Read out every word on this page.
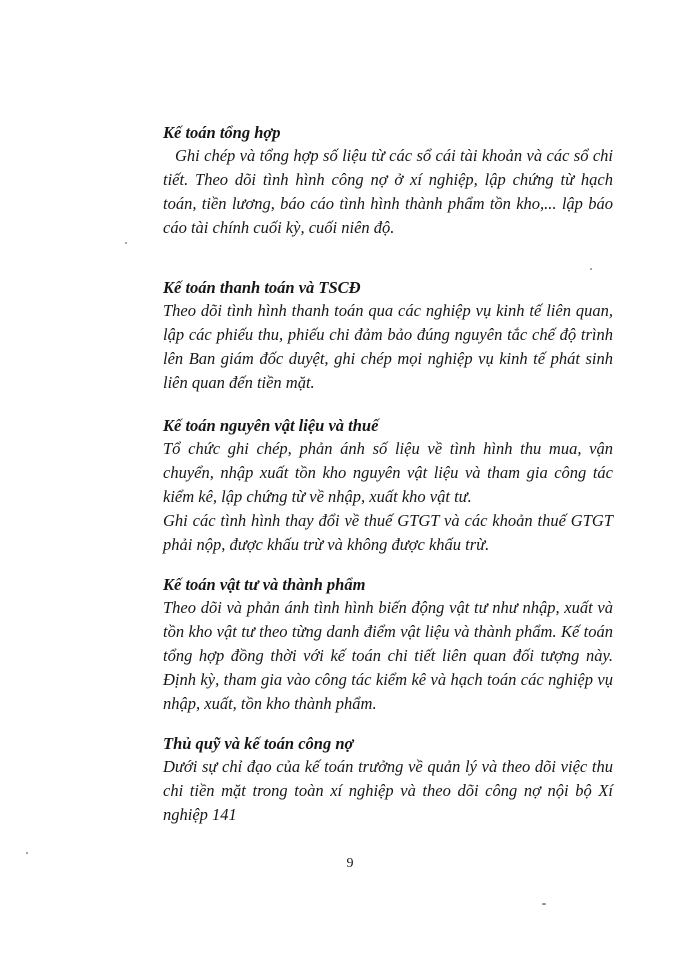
Kế toán tổng hợp

Ghi chép và tổng hợp số liệu từ các sổ cái tài khoản và các sổ chi tiết. Theo dõi tình hình công nợ ở xí nghiệp, lập chứng từ hạch toán, tiền lương, báo cáo tình hình thành phẩm tồn kho,... lập báo cáo tài chính cuối kỳ, cuối niên độ.

Kế toán thanh toán và TSCĐ

Theo dõi tình hình thanh toán qua các nghiệp vụ kinh tế liên quan, lập các phiếu thu, phiếu chi đảm bảo đúng nguyên tắc chế độ trình lên Ban giám đốc duyệt, ghi chép mọi nghiệp vụ kinh tế phát sinh liên quan đến tiền mặt.

Kế toán nguyên vật liệu và thuế

Tổ chức ghi chép, phản ánh số liệu về tình hình thu mua, vận chuyển, nhập xuất tồn kho nguyên vật liệu và tham gia công tác kiểm kê, lập chứng từ về nhập, xuất kho vật tư.

Ghi các tình hình thay đổi về thuế GTGT và các khoản thuế GTGT phải nộp, được khấu trừ và không được khấu trừ.

Kế toán vật tư và thành phẩm

Theo dõi và phản ánh tình hình biến động vật tư như nhập, xuất và tồn kho vật tư theo từng danh điểm vật liệu và thành phẩm. Kế toán tổng hợp đồng thời với kế toán chi tiết liên quan đối tượng này. Định kỳ, tham gia vào công tác kiểm kê và hạch toán các nghiệp vụ nhập, xuất, tồn kho thành phẩm.

Thủ quỹ và kế toán công nợ

Dưới sự chỉ đạo của kế toán trưởng về quản lý và theo dõi việc thu chi tiền mặt trong toàn xí nghiệp và theo dõi công nợ nội bộ Xí nghiệp 141

9
